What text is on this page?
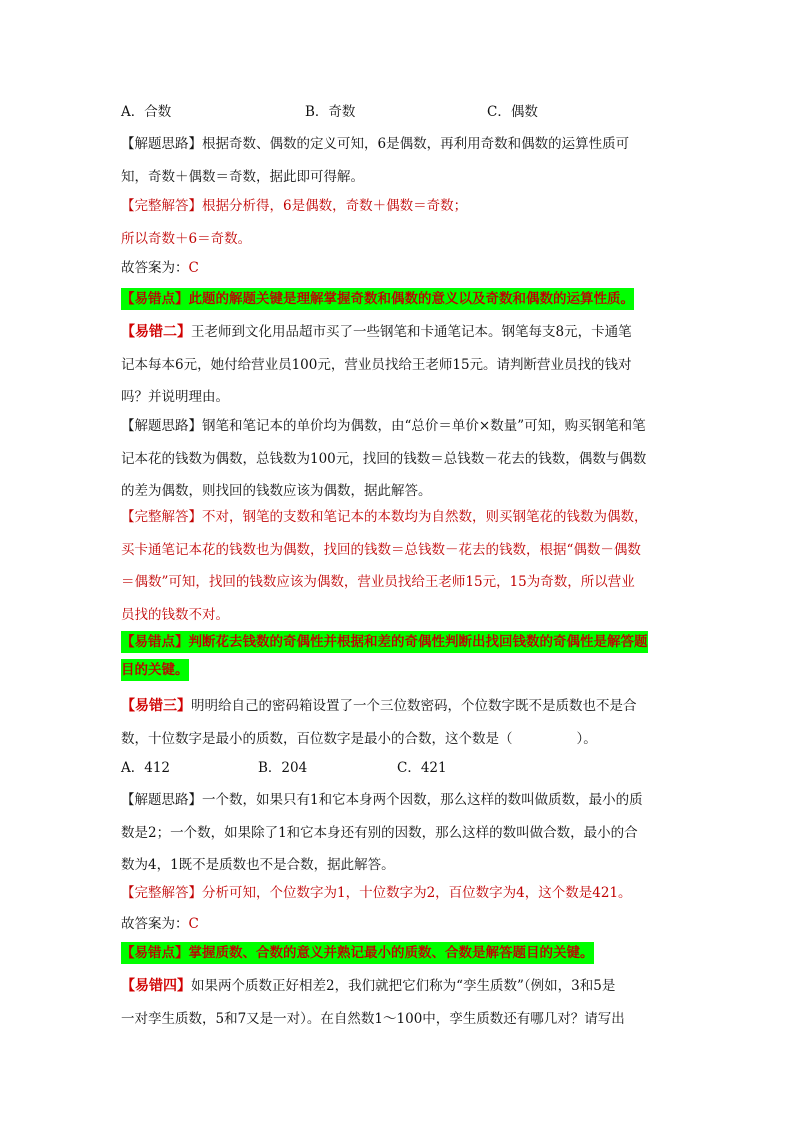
A．合数	B．奇数	C．偶数

【解题思路】根据奇数、偶数的定义可知，6是偶数，再利用奇数和偶数的运算性质可
知，奇数＋偶数＝奇数，据此即可得解。

【完整解答】根据分析得，6是偶数，奇数＋偶数＝奇数；
所以奇数＋6＝奇数。

故答案为：C

【易错点】此题的解题关键是理解掌握奇数和偶数的意义以及奇数和偶数的运算性质。

【易错二】王老师到文化用品超市买了一些钢笔和卡通笔记本。钢笔每支8元，卡通笔
记本每本6元，她付给营业员100元，营业员找给王老师15元。请判断营业员找的钱对
吗？并说明理由。

【解题思路】钢笔和笔记本的单价均为偶数，由“总价＝单价×数量”可知，购买钢笔和笔
记本花的钱数为偶数，总钱数为100元，找回的钱数＝总钱数－花去的钱数，偶数与偶数
的差为偶数，则找回的钱数应该为偶数，据此解答。

【完整解答】不对，钢笔的支数和笔记本的本数均为自然数，则买钢笔花的钱数为偶数，
买卡通笔记本花的钱数也为偶数，找回的钱数＝总钱数－花去的钱数，根据“偶数－偶数
＝偶数”可知，找回的钱数应该为偶数，营业员找给王老师15元，15为奇数，所以营业
员找的钱数不对。

【易错点】判断花去钱数的奇偶性并根据和差的奇偶性判断出找回钱数的奇偶性是解答题
目的关键。

【易错三】明明给自己的密码箱设置了一个三位数密码，个位数字既不是质数也不是合
数，十位数字是最小的质数，百位数字是最小的合数，这个数是（	）。

A．412	B．204	C．421

【解题思路】一个数，如果只有1和它本身两个因数，那么这样的数叫做质数，最小的质
数是2；一个数，如果除了1和它本身还有别的因数，那么这样的数叫做合数，最小的合
数为4，1既不是质数也不是合数，据此解答。

【完整解答】分析可知，个位数字为1，十位数字为2，百位数字为4，这个数是421。

故答案为：C

【易错点】掌握质数、合数的意义并熟记最小的质数、合数是解答题目的关键。

【易错四】如果两个质数正好相差2，我们就把它们称为“孪生质数”（例如，3和5是
一对孪生质数，5和7又是一对）。在自然数1～100中，孪生质数还有哪几对？请写出
